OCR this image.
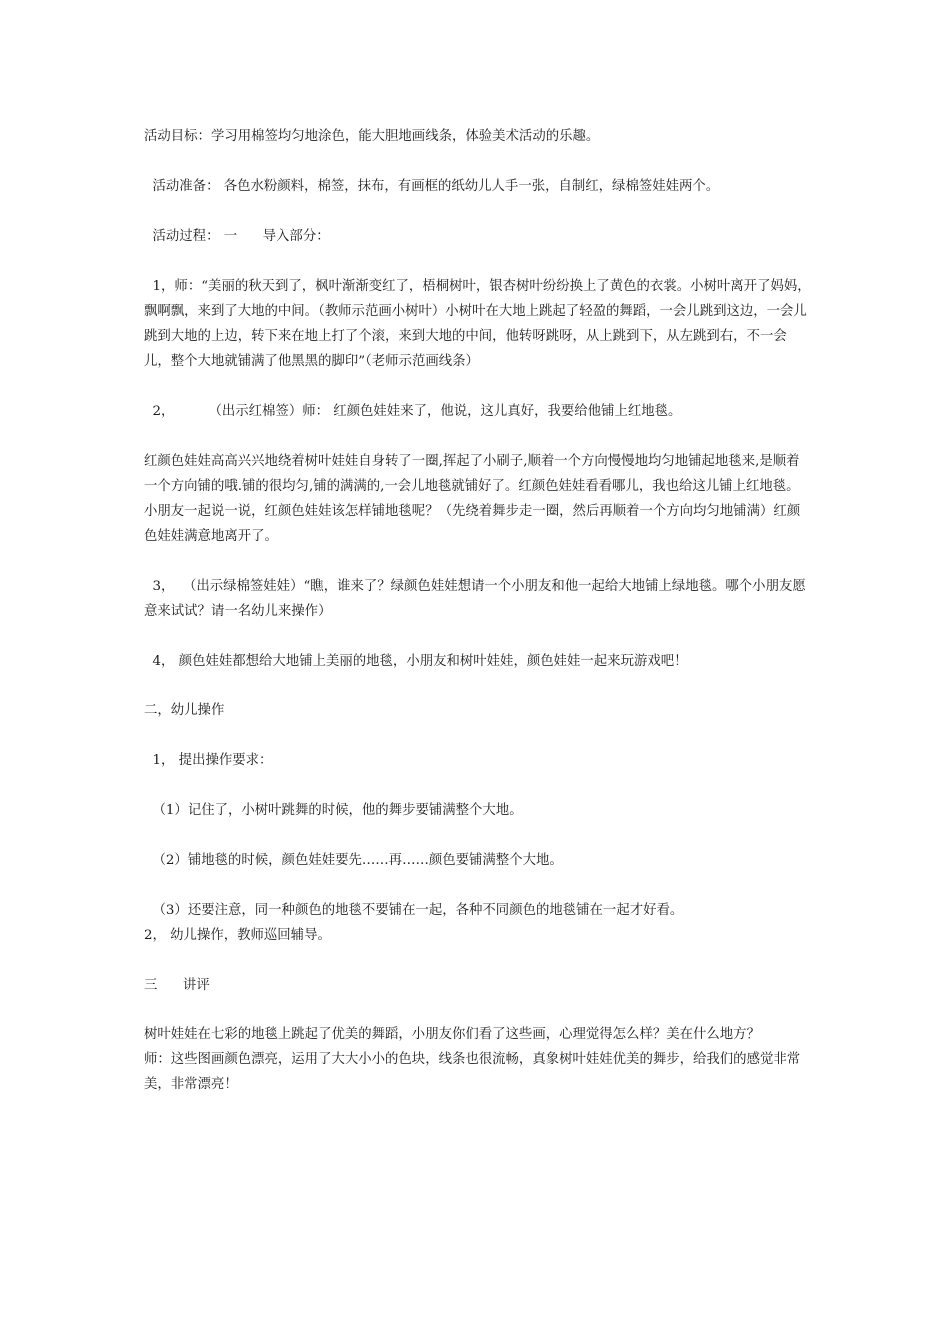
活动目标：学习用棉签均匀地涂色，能大胆地画线条，体验美术活动的乐趣。

活动准备： 各色水粉颜料，棉签，抹布，有画框的纸幼儿人手一张，自制红，绿棉签娃娃两个。

活动过程： 一      导入部分：

1，师：“美丽的秋天到了，枫叶渐渐变红了，梧桐树叶，银杏树叶纷纷换上了黄色的衣裳。小树叶离开了妈妈，飘啊飘，来到了大地的中间。（教师示范画小树叶）小树叶在大地上跳起了轻盈的舞蹈，一会儿跳到这边，一会儿跳到大地的上边，转下来在地上打了个滚，来到大地的中间，他转呀跳呀，从上跳到下，从左跳到右，不一会儿，整个大地就铺满了他黑黑的脚印”（老师示范画线条）

2，        （出示红棉签）师： 红颜色娃娃来了，他说，这儿真好，我要给他铺上红地毯。

红颜色娃娃高高兴兴地绕着树叶娃娃自身转了一圈,挥起了小刷子,顺着一个方向慢慢地均匀地铺起地毯来,是顺着一个方向铺的哦.铺的很均匀,铺的满满的,一会儿地毯就铺好了。红颜色娃娃看看哪儿，我也给这儿铺上红地毯。小朋友一起说一说，红颜色娃娃该怎样铺地毯呢？（先绕着舞步走一圈，然后再顺着一个方向均匀地铺满）红颜色娃娃满意地离开了。

3，  （出示绿棉签娃娃）“瞧，谁来了？绿颜色娃娃想请一个小朋友和他一起给大地铺上绿地毯。哪个小朋友愿意来试试？请一名幼儿来操作）

4， 颜色娃娃都想给大地铺上美丽的地毯，小朋友和树叶娃娃，颜色娃娃一起来玩游戏吧！

二，幼儿操作

1， 提出操作要求：

（1）记住了，小树叶跳舞的时候，他的舞步要铺满整个大地。

（2）铺地毯的时候，颜色娃娃要先……再……颜色要铺满整个大地。

（3）还要注意，同一种颜色的地毯不要铺在一起，各种不同颜色的地毯铺在一起才好看。

2， 幼儿操作，教师巡回辅导。

三      讲评

树叶娃娃在七彩的地毯上跳起了优美的舞蹈，小朋友你们看了这些画，心理觉得怎么样？美在什么地方？

师：这些图画颜色漂亮，运用了大大小小的色块，线条也很流畅，真象树叶娃娃优美的舞步，给我们的感觉非常美，非常漂亮！
